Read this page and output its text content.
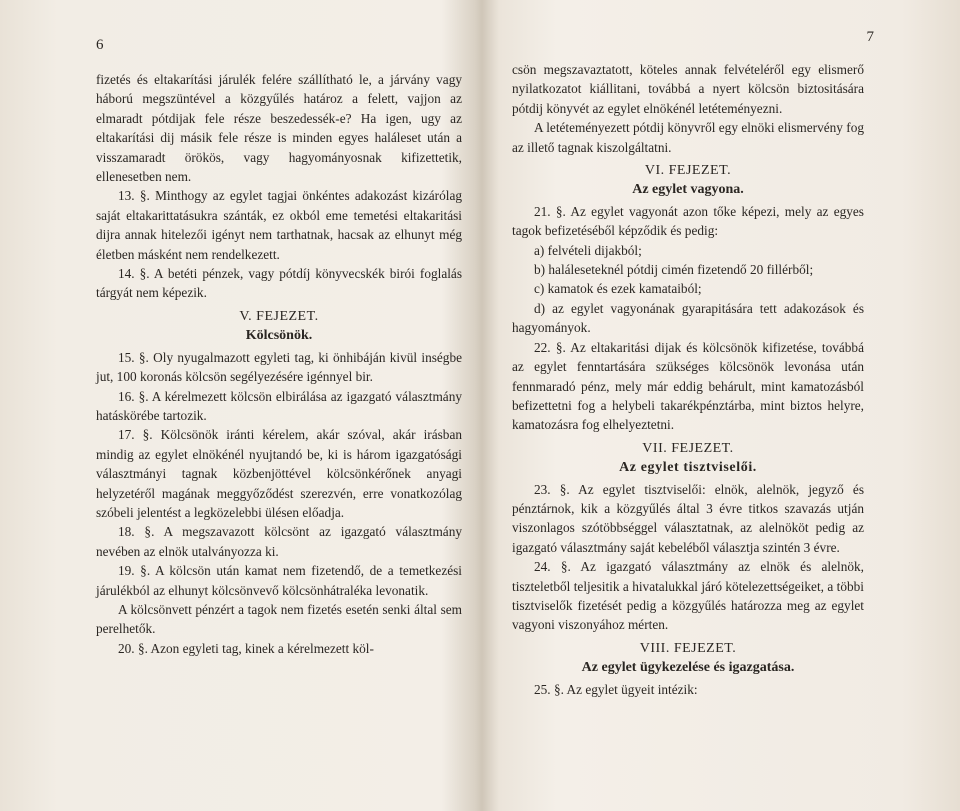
6

fizetés és eltakarítási járulék felére szállítható le, a járvány vagy háború megszüntével a közgyűlés határoz a felett, vajjon az elmaradt pótdijak fele része beszedessék-e? Ha igen, ugy az eltakarítási dij másik fele része is minden egyes haláleset után a visszamaradt örökös, vagy hagyományosnak kifizettetik, ellenesetben nem.

13. §. Minthogy az egylet tagjai önkéntes adakozást kizárólag saját eltakarittatásukra szánták, ez okból eme temetési eltakaritási dijra annak hitelezői igényt nem tarthatnak, hacsak az elhunyt még életben másként nem rendelkezett.

14. §. A betéti pénzek, vagy pótdíj könyvecskék birói foglalás tárgyát nem képezik.

V. FEJEZET.
Kölcsönök.

15. §. Oly nyugalmazott egyleti tag, ki önhibáján kivül inségbe jut, 100 koronás kölcsön segélyezésére igénnyel bir.

16. §. A kérelmezett kölcsön elbirálása az igazgató választmány hatáskörébe tartozik.

17. §. Kölcsönök iránti kérelem, akár szóval, akár irásban mindig az egylet elnökénél nyujtandó be, ki is három igazgatósági választmányi tagnak közbenjöttével kölcsönkérőnek anyagi helyzetéről magának meggyőződést szerezvén, erre vonatkozólag szóbeli jelentést a legközelebbi ülésen előadja.

18. §. A megszavazott kölcsönt az igazgató választmány nevében az elnök utalványozza ki.

19. §. A kölcsön után kamat nem fizetendő, de a temetkezési járulékból az elhunyt kölcsönvevő kölcsönhátraléka levonatik.

A kölcsönvett pénzért a tagok nem fizetés esetén senki által sem perelhetők.

20. §. Azon egyleti tag, kinek a kérelmezett köl-

7

csön megszavaztatott, köteles annak felvételéről egy elismerő nyilatkozatot kiállitani, továbbá a nyert kölcsön biztositására pótdij könyvét az egylet elnökénél letéteményezni.

A letéteményezett pótdij könyvről egy elnöki elismervény fog az illető tagnak kiszolgáltatni.

VI. FEJEZET.
Az egylet vagyona.

21. §. Az egylet vagyonát azon tőke képezi, mely az egyes tagok befizetéséből képződik és pedig:

a) felvételi dijakból;

b) haláleseteknél pótdij cimén fizetendő 20 fillérből;

c) kamatok és ezek kamataiból;

d) az egylet vagyonának gyarapitására tett adakozások és hagyományok.

22. §. Az eltakaritási dijak és kölcsönök kifizetése, továbbá az egylet fenntartására szükséges kölcsönök levonása után fennmaradó pénz, mely már eddig behárult, mint kamatozásból befizettetni fog a helybeli takarékpénztárba, mint biztos helyre, kamatozásra fog elhelyeztetni.

VII. FEJEZET.
Az egylet tisztviselői.

23. §. Az egylet tisztviselői: elnök, alelnök, jegyző és pénztárnok, kik a közgyűlés által 3 évre titkos szavazás utján viszonlagos szótöbbséggel választatnak, az alelnököt pedig az igazgató választmány saját kebeléből választja szintén 3 évre.

24. §. Az igazgató választmány az elnök és alelnök, tiszteletből teljesitik a hivatalukkal járó kötelezettségeiket, a többi tisztviselők fizetését pedig a közgyűlés határozza meg az egylet vagyoni viszonyához mérten.

VIII. FEJEZET.
Az egylet ügykezelése és igazgatása.

25. §. Az egylet ügyeit intézik:
